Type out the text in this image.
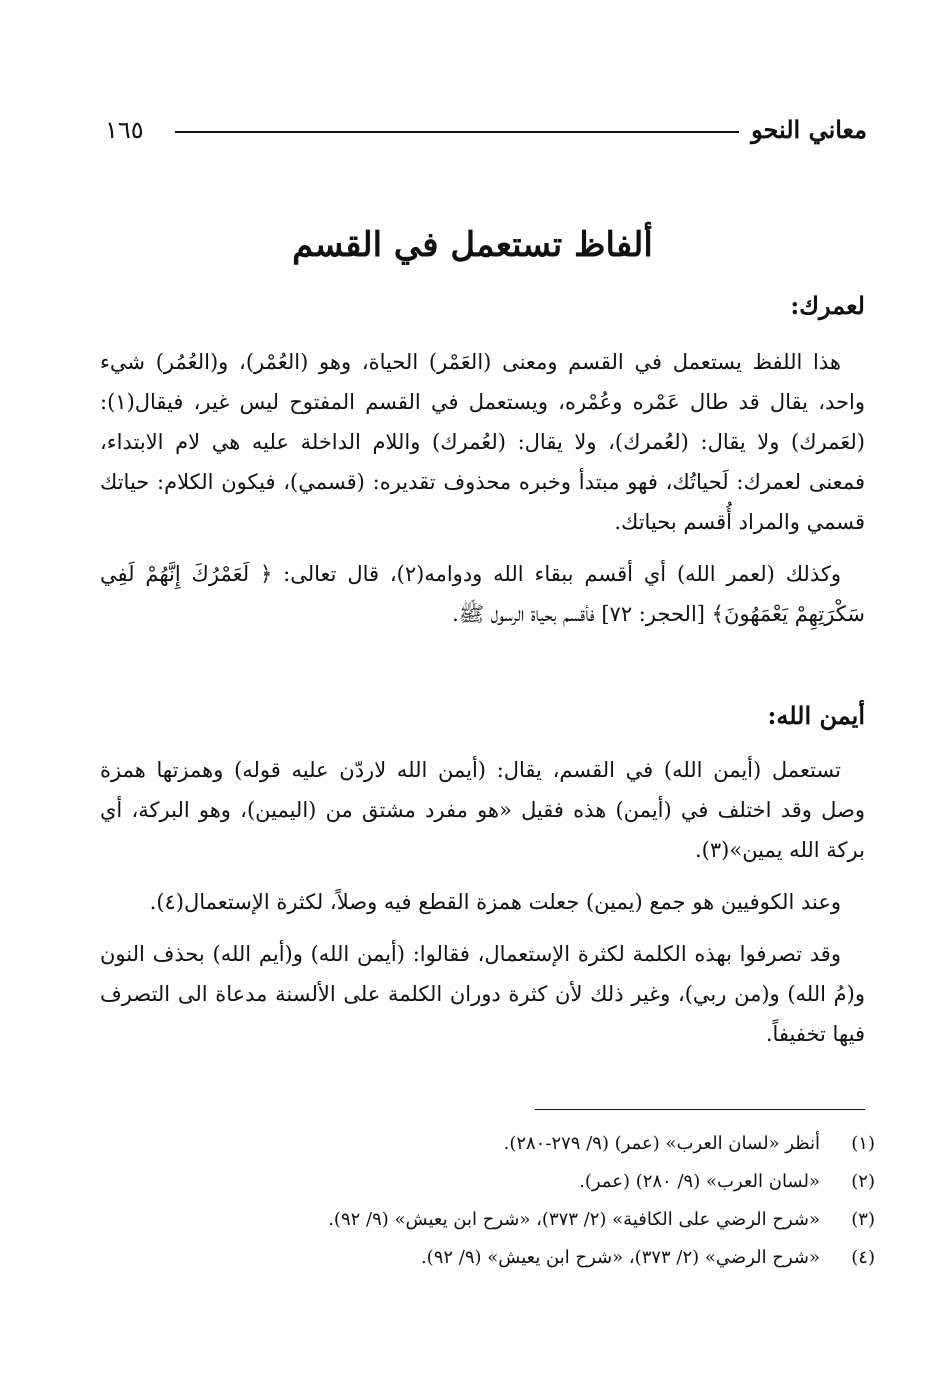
معاني النحو
١٦٥
ألفاظ تستعمل في القسم
لعمرك:

هذا اللفظ يستعمل في القسم ومعنى (العَمْر) الحياة، وهو (العُمْر)، و(العُمُر) شيء واحد، يقال قد طال عَمْره وعُمْره، ويستعمل في القسم المفتوح ليس غير، فيقال(١): (لعَمرك) ولا يقال: (لعُمرك)، ولا يقال: (لعُمرك) واللام الداخلة عليه هي لام الابتداء، فمعنى لعمرك: لَحياتُك، فهو مبتدأ وخبره محذوف تقديره: (قسمي)، فيكون الكلام: حياتك قسمي والمراد أُقسم بحياتك.

وكذلك (لعمر الله) أي أقسم ببقاء الله ودوامه(٢)، قال تعالى: ﴿ لَعَمْرُكَ إِنَّهُمْ لَفِي سَكْرَتِهِمْ يَعْمَهُونَ﴾ [الحجر: ٧٢] فأقسم بحياة الرسول ﷺ.

أيمن الله:

تستعمل (أيمن الله) في القسم، يقال: (أيمن الله لاردّن عليه قوله) وهمزتها همزة وصل وقد اختلف في (أيمن) هذه فقيل «هو مفرد مشتق من (اليمين)، وهو البركة، أي بركة الله يمين»(٣).

وعند الكوفيين هو جمع (يمين) جعلت همزة القطع فيه وصلاً، لكثرة الإستعمال(٤).

وقد تصرفوا بهذه الكلمة لكثرة الإستعمال، فقالوا: (أيمن الله) و(أيم الله) بحذف النون و(مُ الله) و(من ربي)، وغير ذلك لأن كثرة دوران الكلمة على الألسنة مدعاة الى التصرف فيها تخفيفاً.

(١)
أنظر «لسان العرب» (عمر) (٩/ ٢٧٩-٢٨٠).
(٢)
«لسان العرب» (٩/ ٢٨٠) (عمر).
(٣)
«شرح الرضي على الكافية» (٢/ ٣٧٣)، «شرح ابن يعيش» (٩/ ٩٢).
(٤)
«شرح الرضي» (٢/ ٣٧٣)، «شرح ابن يعيش» (٩/ ٩٢).
